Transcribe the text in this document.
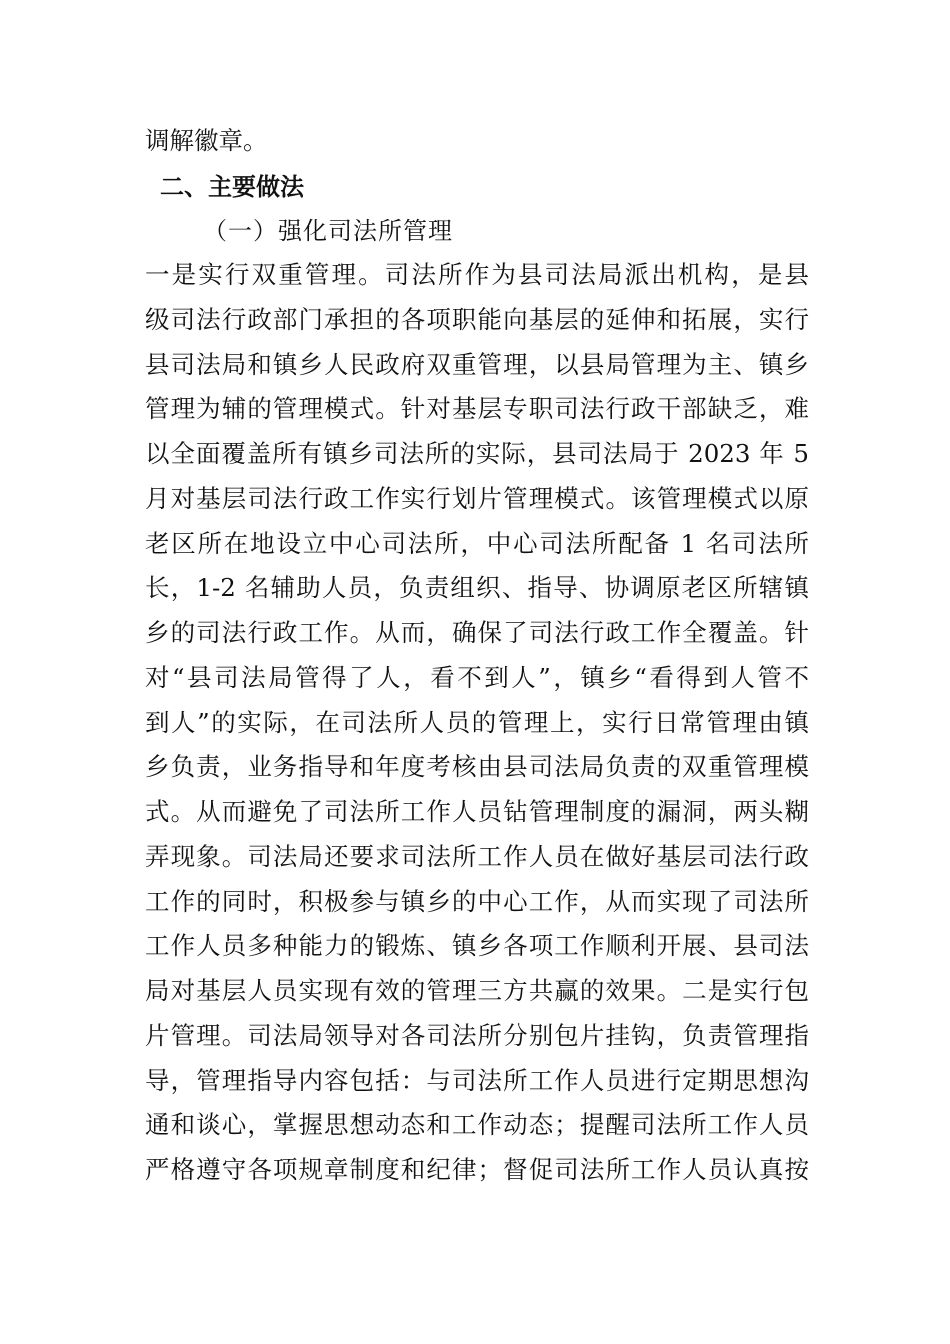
调解徽章。
二、主要做法
（一）强化司法所管理
一是实行双重管理。司法所作为县司法局派出机构，是县
级司法行政部门承担的各项职能向基层的延伸和拓展，实行
县司法局和镇乡人民政府双重管理，以县局管理为主、镇乡
管理为辅的管理模式。针对基层专职司法行政干部缺乏，难
以全面覆盖所有镇乡司法所的实际，县司法局于 2023 年 5
月对基层司法行政工作实行划片管理模式。该管理模式以原
老区所在地设立中心司法所，中心司法所配备 1 名司法所
长，1-2 名辅助人员，负责组织、指导、协调原老区所辖镇
乡的司法行政工作。从而，确保了司法行政工作全覆盖。针
对“县司法局管得了人，看不到人”，镇乡“看得到人管不
到人”的实际，在司法所人员的管理上，实行日常管理由镇
乡负责，业务指导和年度考核由县司法局负责的双重管理模
式。从而避免了司法所工作人员钻管理制度的漏洞，两头糊
弄现象。司法局还要求司法所工作人员在做好基层司法行政
工作的同时，积极参与镇乡的中心工作，从而实现了司法所
工作人员多种能力的锻炼、镇乡各项工作顺利开展、县司法
局对基层人员实现有效的管理三方共赢的效果。二是实行包
片管理。司法局领导对各司法所分别包片挂钩，负责管理指
导，管理指导内容包括：与司法所工作人员进行定期思想沟
通和谈心，掌握思想动态和工作动态；提醒司法所工作人员
严格遵守各项规章制度和纪律；督促司法所工作人员认真按
